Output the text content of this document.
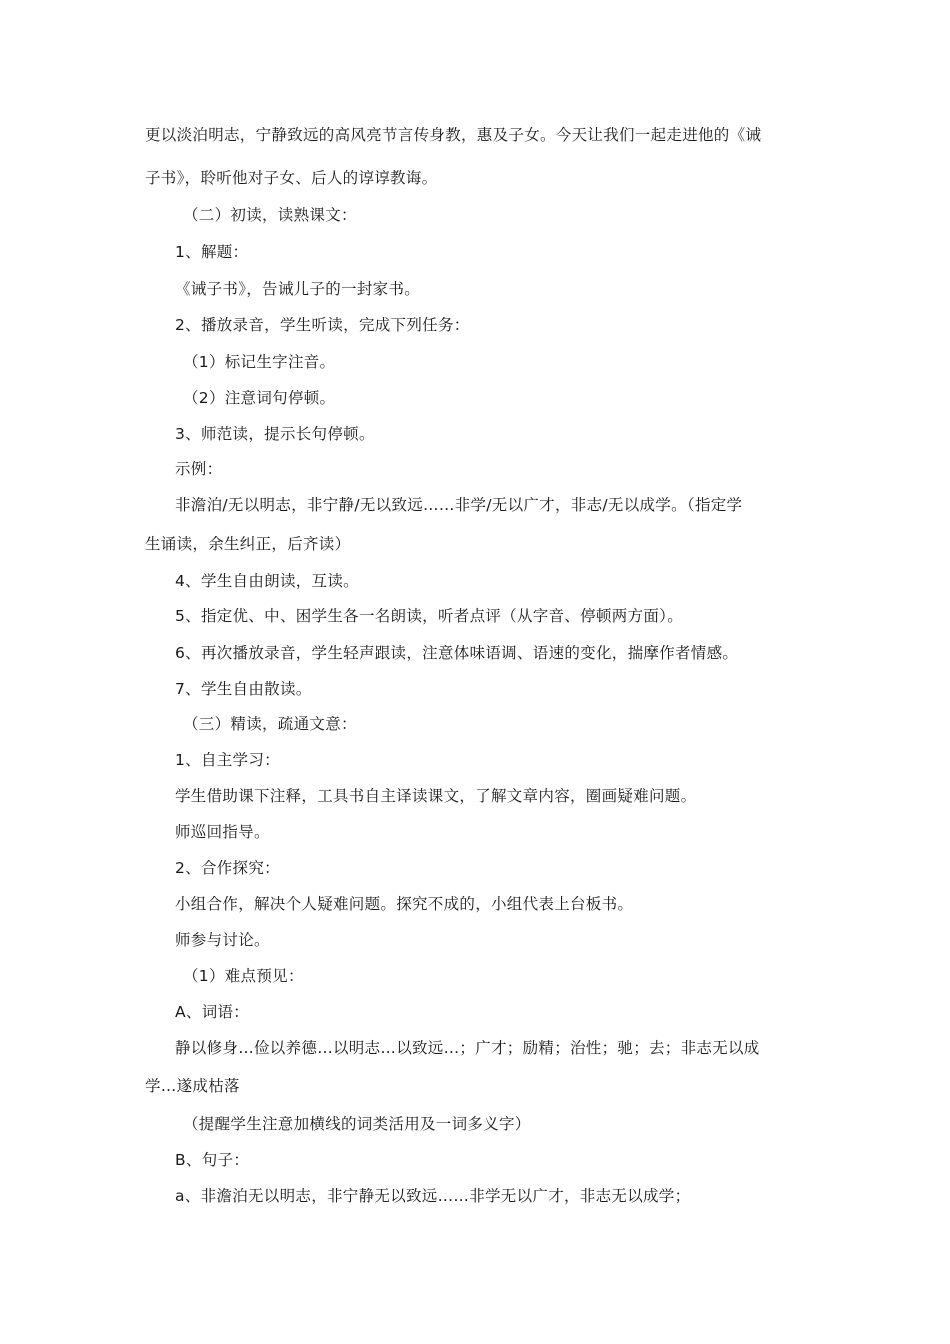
更以淡泊明志，宁静致远的高风亮节言传身教，惠及子女。今天让我们一起走进他的《诫
子书》，聆听他对子女、后人的谆谆教诲。
（二）初读，读熟课文：
1、解题：
《诫子书》，告诫儿子的一封家书。
2、播放录音，学生听读，完成下列任务：
（1）标记生字注音。
（2）注意词句停顿。
3、师范读，提示长句停顿。
示例：
非澹泊/无以明志，非宁静/无以致远……非学/无以广才，非志/无以成学。（指定学
生诵读，余生纠正，后齐读）
4、学生自由朗读，互读。
5、指定优、中、困学生各一名朗读，听者点评（从字音、停顿两方面）。
6、再次播放录音，学生轻声跟读，注意体味语调、语速的变化，揣摩作者情感。
7、学生自由散读。
（三）精读，疏通文意：
1、自主学习：
学生借助课下注释，工具书自主译读课文，了解文章内容，圈画疑难问题。
师巡回指导。
2、合作探究：
小组合作，解决个人疑难问题。探究不成的，小组代表上台板书。
师参与讨论。
（1）难点预见：
A、词语：
静以修身…俭以养德…以明志…以致远…；广才；励精；治性；驰；去；非志无以成
学…遂成枯落
（提醒学生注意加横线的词类活用及一词多义字）
B、句子：
a、非澹泊无以明志，非宁静无以致远……非学无以广才，非志无以成学；
